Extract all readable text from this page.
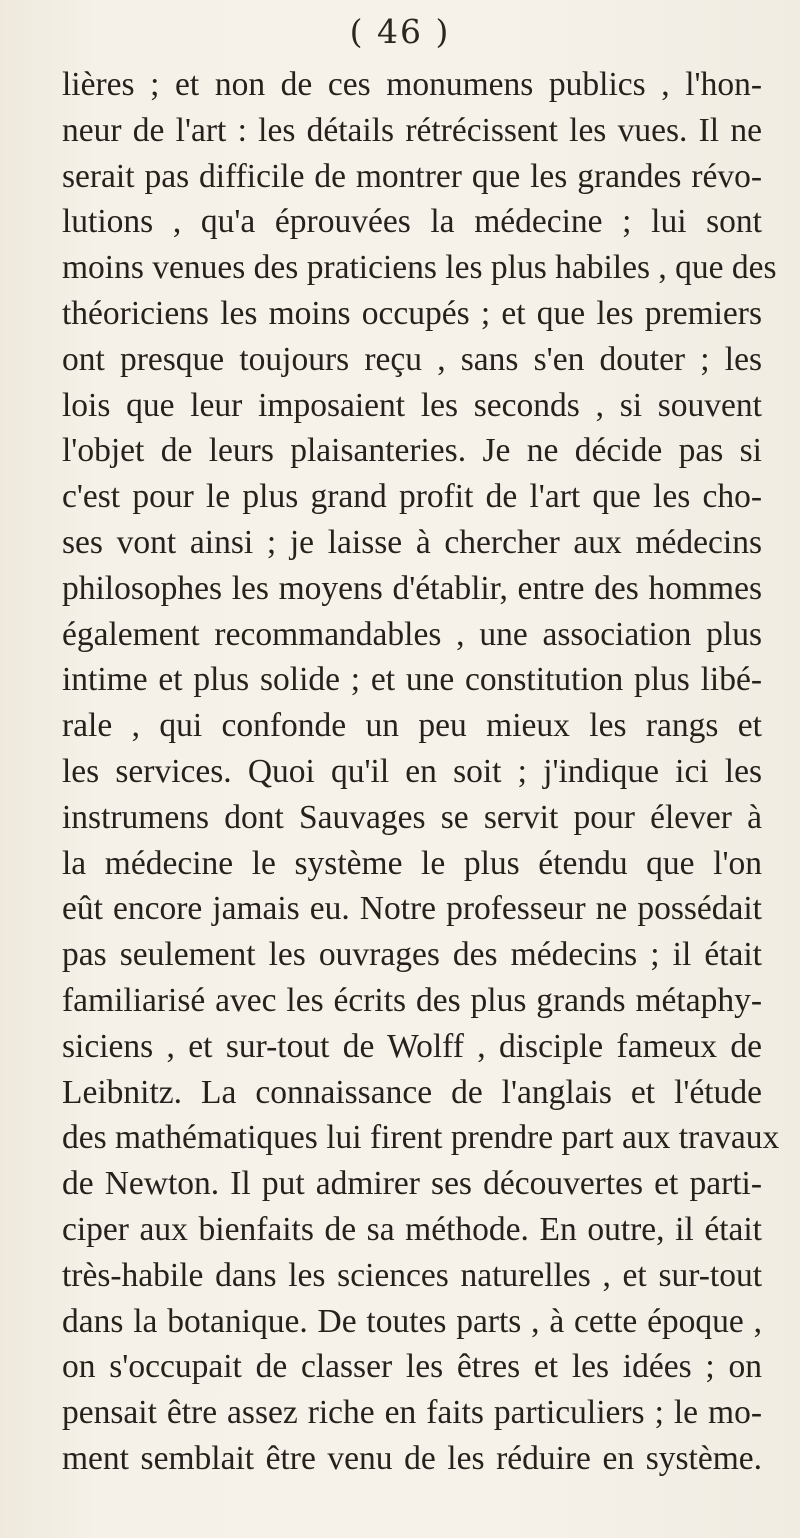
( 46 )
lières ; et non de ces monumens publics , l'hon-
neur de l'art : les détails rétrécissent les vues. Il ne
serait pas difficile de montrer que les grandes révo-
lutions , qu'a éprouvées la médecine ; lui sont
moins venues des praticiens les plus habiles , que des
théoriciens les moins occupés ; et que les premiers
ont presque toujours reçu , sans s'en douter ; les
lois que leur imposaient les seconds , si souvent
l'objet de leurs plaisanteries. Je ne décide pas si
c'est pour le plus grand profit de l'art que les cho-
ses vont ainsi ; je laisse à chercher aux médecins
philosophes les moyens d'établir, entre des hommes
également recommandables , une association plus
intime et plus solide ; et une constitution plus libé-
rale , qui confonde un peu mieux les rangs et
les services. Quoi qu'il en soit ; j'indique ici les
instrumens dont Sauvages se servit pour élever à
la médecine le système le plus étendu que l'on
eût encore jamais eu. Notre professeur ne possédait
pas seulement les ouvrages des médecins ; il était
familiarisé avec les écrits des plus grands métaphy-
siciens , et sur-tout de Wolff , disciple fameux de
Leibnitz. La connaissance de l'anglais et l'étude
des mathématiques lui firent prendre part aux travaux
de Newton. Il put admirer ses découvertes et parti-
ciper aux bienfaits de sa méthode. En outre, il était
très-habile dans les sciences naturelles , et sur-tout
dans la botanique. De toutes parts , à cette époque ,
on s'occupait de classer les êtres et les idées ; on
pensait être assez riche en faits particuliers ; le mo-
ment semblait être venu de les réduire en système.
